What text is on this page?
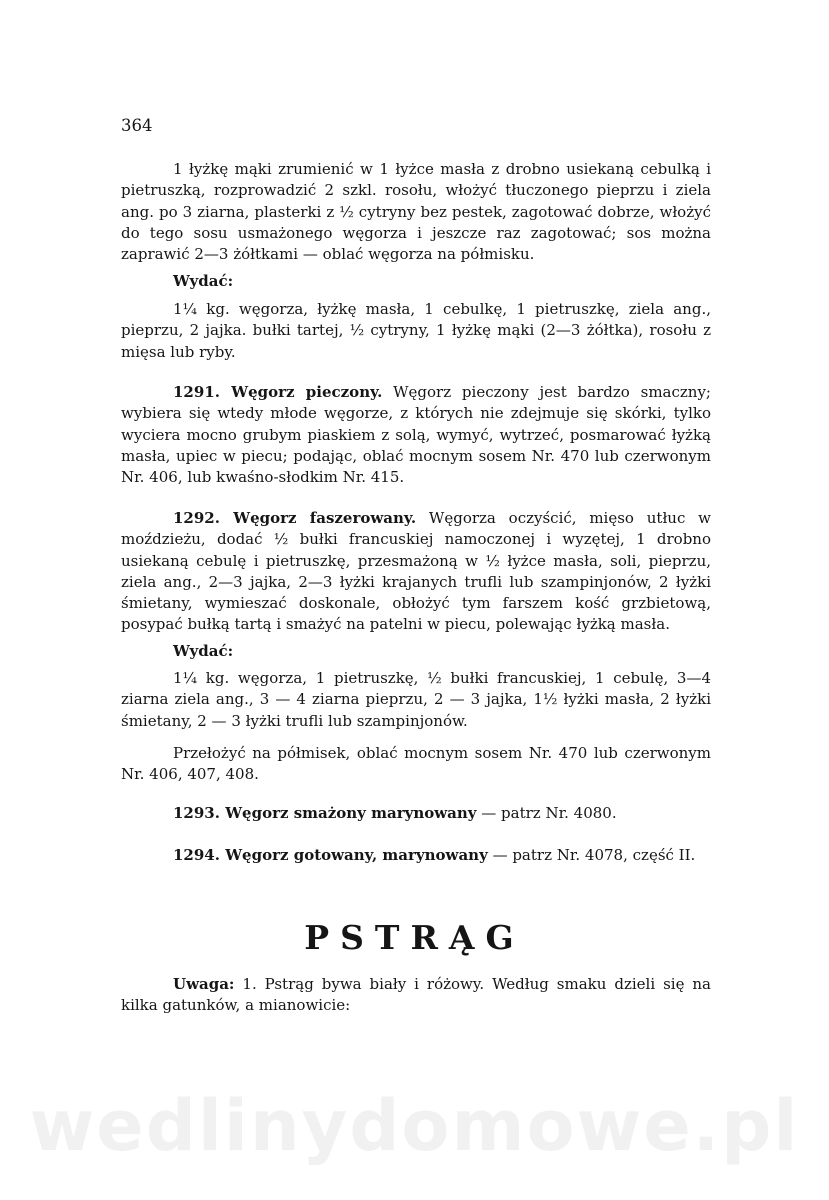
364

1 łyżkę mąki zrumienić w 1 łyżce masła z drobno usiekaną cebulką i pietruszką, rozprowadzić 2 szkl. rosołu, włożyć tłuczonego pieprzu i ziela ang. po 3 ziarna, plasterki z ½ cytryny bez pestek, zagotować dobrze, włożyć do tego sosu usmażonego węgorza i jeszcze raz zagotować; sos można zaprawić 2—3 żółtkami — oblać węgorza na półmisku.

Wydać:

1¼ kg. węgorza, łyżkę masła, 1 cebulkę, 1 pietruszkę, ziela ang., pieprzu, 2 jajka. bułki tartej, ½ cytryny, 1 łyżkę mąki (2—3 żółtka), rosołu z mięsa lub ryby.

1291. Węgorz pieczony. Węgorz pieczony jest bardzo smaczny; wybiera się wtedy młode węgorze, z których nie zdejmuje się skórki, tylko wyciera mocno grubym piaskiem z solą, wymyć, wytrzeć, posmarować łyżką masła, upiec w piecu; podając, oblać mocnym sosem Nr. 470 lub czerwonym Nr. 406, lub kwaśno-słodkim Nr. 415.

1292. Węgorz faszerowany. Węgorza oczyścić, mięso utłuc w moździeżu, dodać ½ bułki francuskiej namoczonej i wyzętej, 1 drobno usiekaną cebulę i pietruszkę, przesmażoną w ½ łyżce masła, soli, pieprzu, ziela ang., 2—3 jajka, 2—3 łyżki krajanych trufli lub szampinjonów, 2 łyżki śmietany, wymieszać doskonale, obłożyć tym farszem kość grzbietową, posypać bułką tartą i smażyć na patelni w piecu, polewając łyżką masła.

Wydać:

1¼ kg. węgorza, 1 pietruszkę, ½ bułki francuskiej, 1 cebulę, 3—4 ziarna ziela ang., 3 — 4 ziarna pieprzu, 2 — 3 jajka, 1½ łyżki masła, 2 łyżki śmietany, 2 — 3 łyżki trufli lub szampinjonów.

Przełożyć na półmisek, oblać mocnym sosem Nr. 470 lub czerwonym Nr. 406, 407, 408.

1293. Węgorz smażony marynowany — patrz Nr. 4080.

1294. Węgorz gotowany, marynowany — patrz Nr. 4078, część II.

PSTRĄG

Uwaga: 1. Pstrąg bywa biały i różowy. Według smaku dzieli się na kilka gatunków, a mianowicie:

wedlinydomowe.pl
